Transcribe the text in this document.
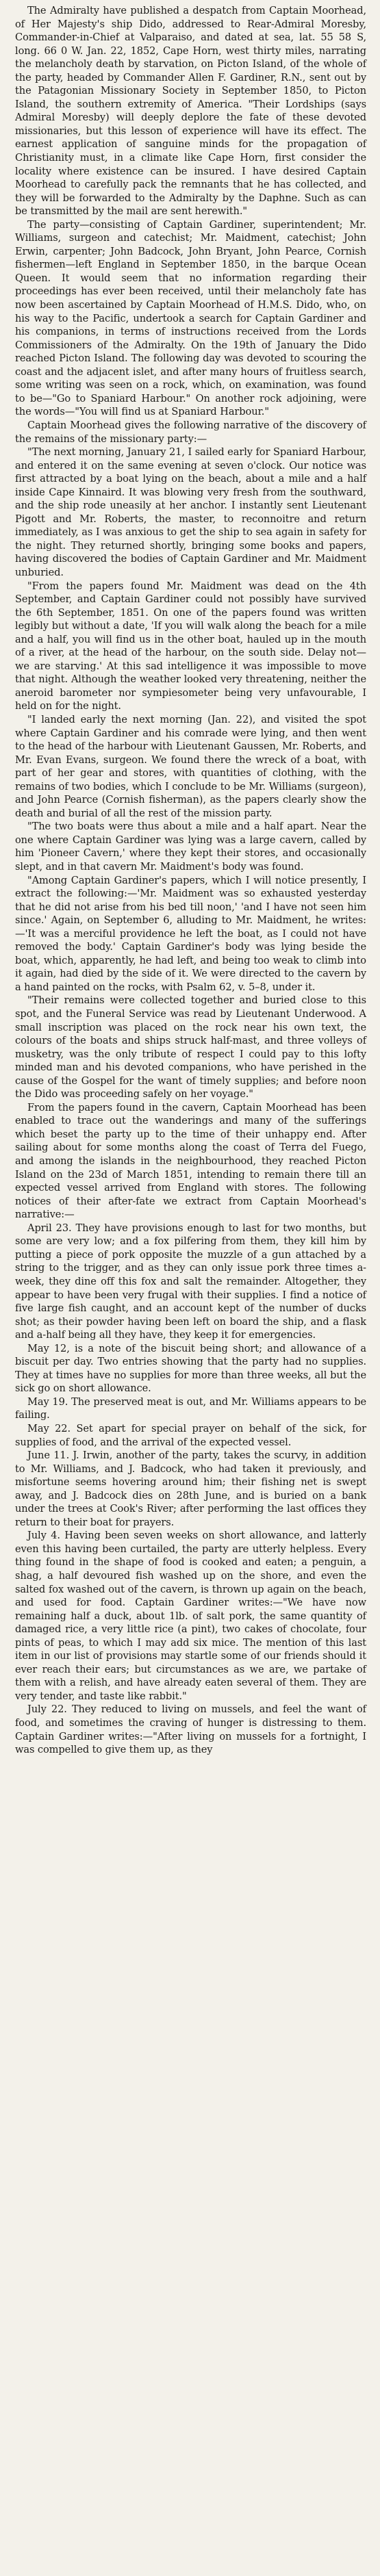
The Admiralty have published a despatch from Captain Moorhead, of Her Majesty's ship Dido, addressed to Rear-Admiral Moresby, Commander-in-Chief at Valparaiso, and dated at sea, lat. 55 58 S, long. 66 0 W. Jan. 22, 1852, Cape Horn, west thirty miles, narrating the melancholy death by starvation, on Picton Island, of the whole of the party, headed by Commander Allen F. Gardiner, R.N., sent out by the Patagonian Missionary Society in September 1850, to Picton Island, the southern extremity of America. "Their Lordships (says Admiral Moresby) will deeply deplore the fate of these devoted missionaries, but this lesson of experience will have its effect. The earnest application of sanguine minds for the propagation of Christianity must, in a climate like Cape Horn, first consider the locality where existence can be insured. I have desired Captain Moorhead to carefully pack the remnants that he has collected, and they will be forwarded to the Admiralty by the Daphne. Such as can be transmitted by the mail are sent herewith."

The party—consisting of Captain Gardiner, superintendent; Mr. Williams, surgeon and catechist; Mr. Maidment, catechist; John Erwin, carpenter; John Badcock, John Bryant, John Pearce, Cornish fishermen—left England in September 1850, in the barque Ocean Queen. It would seem that no information regarding their proceedings has ever been received, until their melancholy fate has now been ascertained by Captain Moorhead of H.M.S. Dido, who, on his way to the Pacific, undertook a search for Captain Gardiner and his companions, in terms of instructions received from the Lords Commissioners of the Admiralty. On the 19th of January the Dido reached Picton Island. The following day was devoted to scouring the coast and the adjacent islet, and after many hours of fruitless search, some writing was seen on a rock, which, on examination, was found to be—"Go to Spaniard Harbour." On another rock adjoining, were the words—"You will find us at Spaniard Harbour."

Captain Moorhead gives the following narrative of the discovery of the remains of the missionary party:—

"The next morning, January 21, I sailed early for Spaniard Harbour, and entered it on the same evening at seven o'clock. Our notice was first attracted by a boat lying on the beach, about a mile and a half inside Cape Kinnaird. It was blowing very fresh from the southward, and the ship rode uneasily at her anchor. I instantly sent Lieutenant Pigott and Mr. Roberts, the master, to reconnoitre and return immediately, as I was anxious to get the ship to sea again in safety for the night. They returned shortly, bringing some books and papers, having discovered the bodies of Captain Gardiner and Mr. Maidment unburied.

"From the papers found Mr. Maidment was dead on the 4th September, and Captain Gardiner could not possibly have survived the 6th September, 1851. On one of the papers found was written legibly but without a date, 'If you will walk along the beach for a mile and a half, you will find us in the other boat, hauled up in the mouth of a river, at the head of the harbour, on the south side. Delay not—we are starving.' At this sad intelligence it was impossible to move that night. Although the weather looked very threatening, neither the aneroid barometer nor sympiesometer being very unfavourable, I held on for the night.

"I landed early the next morning (Jan. 22), and visited the spot where Captain Gardiner and his comrade were lying, and then went to the head of the harbour with Lieutenant Gaussen, Mr. Roberts, and Mr. Evan Evans, surgeon. We found there the wreck of a boat, with part of her gear and stores, with quantities of clothing, with the remains of two bodies, which I conclude to be Mr. Williams (surgeon), and John Pearce (Cornish fisherman), as the papers clearly show the death and burial of all the rest of the mission party.

"The two boats were thus about a mile and a half apart. Near the one where Captain Gardiner was lying was a large cavern, called by him 'Pioneer Cavern,' where they kept their stores, and occasionally slept, and in that cavern Mr. Maidment's body was found.

"Among Captain Gardiner's papers, which I will notice presently, I extract the following:—'Mr. Maidment was so exhausted yesterday that he did not arise from his bed till noon,' 'and I have not seen him since.' Again, on September 6, alluding to Mr. Maidment, he writes:—'It was a merciful providence he left the boat, as I could not have removed the body.' Captain Gardiner's body was lying beside the boat, which, apparently, he had left, and being too weak to climb into it again, had died by the side of it. We were directed to the cavern by a hand painted on the rocks, with Psalm 62, v. 5–8, under it.

"Their remains were collected together and buried close to this spot, and the Funeral Service was read by Lieutenant Underwood. A small inscription was placed on the rock near his own text, the colours of the boats and ships struck half-mast, and three volleys of musketry, was the only tribute of respect I could pay to this lofty minded man and his devoted companions, who have perished in the cause of the Gospel for the want of timely supplies; and before noon the Dido was proceeding safely on her voyage."

From the papers found in the cavern, Captain Moorhead has been enabled to trace out the wanderings and many of the sufferings which beset the party up to the time of their unhappy end. After sailing about for some months along the coast of Terra del Fuego, and among the islands in the neighbourhood, they reached Picton Island on the 23d of March 1851, intending to remain there till an expected vessel arrived from England with stores. The following notices of their after-fate we extract from Captain Moorhead's narrative:—

April 23. They have provisions enough to last for two months, but some are very low; and a fox pilfering from them, they kill him by putting a piece of pork opposite the muzzle of a gun attached by a string to the trigger, and as they can only issue pork three times a-week, they dine off this fox and salt the remainder. Altogether, they appear to have been very frugal with their supplies. I find a notice of five large fish caught, and an account kept of the number of ducks shot; as their powder having been left on board the ship, and a flask and a-half being all they have, they keep it for emergencies.

May 12, is a note of the biscuit being short; and allowance of a biscuit per day. Two entries showing that the party had no supplies. They at times have no supplies for more than three weeks, all but the sick go on short allowance.

May 19. The preserved meat is out, and Mr. Williams appears to be failing.

May 22. Set apart for special prayer on behalf of the sick, for supplies of food, and the arrival of the expected vessel.

June 11. J. Irwin, another of the party, takes the scurvy, in addition to Mr. Williams, and J. Badcock, who had taken it previously, and misfortune seems hovering around him; their fishing net is swept away, and J. Badcock dies on 28th June, and is buried on a bank under the trees at Cook's River; after performing the last offices they return to their boat for prayers.

July 4. Having been seven weeks on short allowance, and latterly even this having been curtailed, the party are utterly helpless. Every thing found in the shape of food is cooked and eaten; a penguin, a shag, a half devoured fish washed up on the shore, and even the salted fox washed out of the cavern, is thrown up again on the beach, and used for food. Captain Gardiner writes:—"We have now remaining half a duck, about 1lb. of salt pork, the same quantity of damaged rice, a very little rice (a pint), two cakes of chocolate, four pints of peas, to which I may add six mice. The mention of this last item in our list of provisions may startle some of our friends should it ever reach their ears; but circumstances as we are, we partake of them with a relish, and have already eaten several of them. They are very tender, and taste like rabbit."

July 22. They reduced to living on mussels, and feel the want of food, and sometimes the craving of hunger is distressing to them. Captain Gardiner writes:—"After living on mussels for a fortnight, I was compelled to give them up, as they
